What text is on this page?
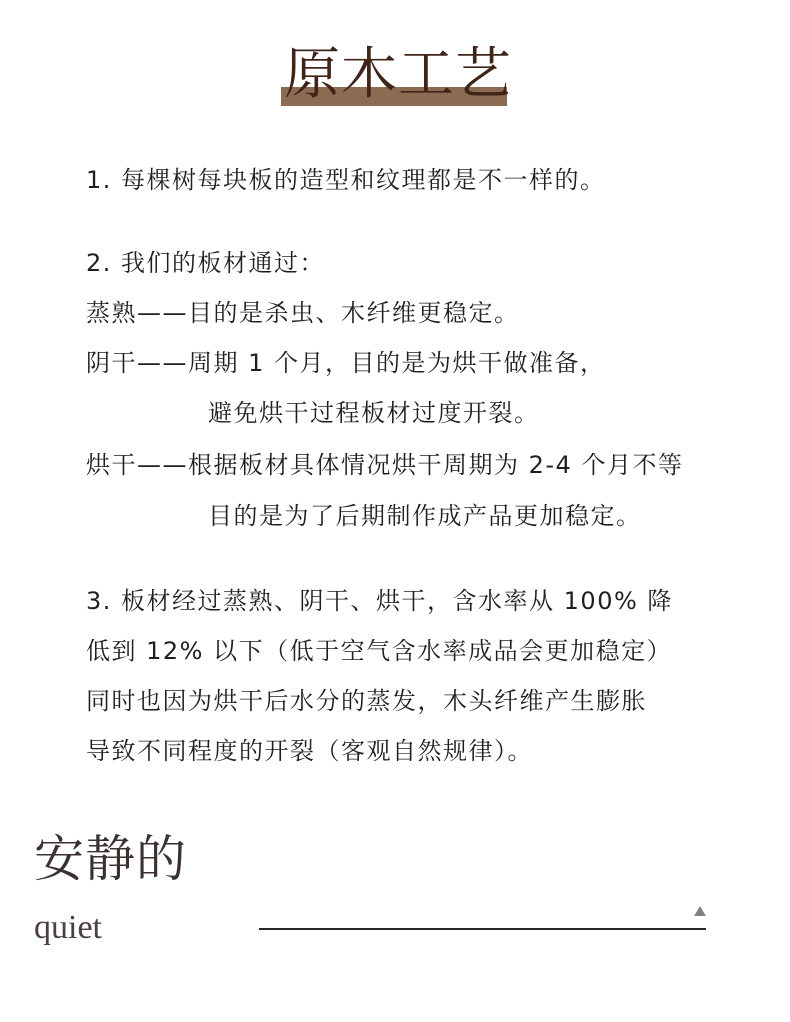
原木工艺
1. 每棵树每块板的造型和纹理都是不一样的。
2. 我们的板材通过：
蒸熟——目的是杀虫、木纤维更稳定。
阴干——周期 1 个月，目的是为烘干做准备，
避免烘干过程板材过度开裂。
烘干——根据板材具体情况烘干周期为 2-4 个月不等
目的是为了后期制作成产品更加稳定。
3. 板材经过蒸熟、阴干、烘干，含水率从 100% 降
低到 12% 以下（低于空气含水率成品会更加稳定）
同时也因为烘干后水分的蒸发，木头纤维产生膨胀
导致不同程度的开裂（客观自然规律）。
安静的
quiet
